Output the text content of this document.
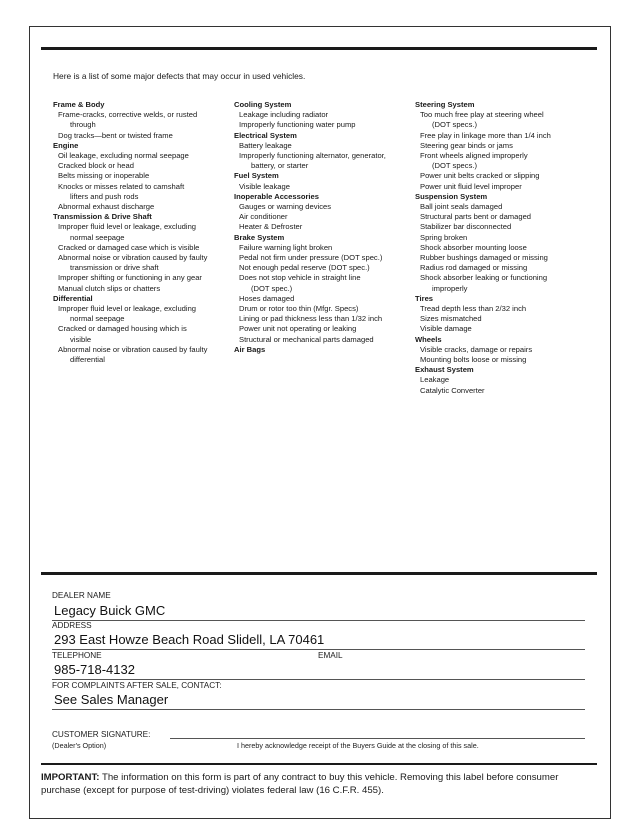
Here is a list of some major defects that may occur in used vehicles.
Frame & Body
Frame-cracks, corrective welds, or rusted
through
Dog tracks—bent or twisted frame
Engine
Oil leakage, excluding normal seepage
Cracked block or head
Belts missing or inoperable
Knocks or misses related to camshaft
lifters and push rods
Abnormal exhaust discharge
Transmission & Drive Shaft
Improper fluid level or leakage, excluding
normal seepage
Cracked or damaged case which is visible
Abnormal noise or vibration caused by faulty
transmission or drive shaft
Improper shifting or functioning in any gear
Manual clutch slips or chatters
Differential
Improper fluid level or leakage, excluding
normal seepage
Cracked or damaged housing which is
visible
Abnormal noise or vibration caused by faulty
differential
Cooling System
Leakage including radiator
Improperly functioning water pump
Electrical System
Battery leakage
Improperly functioning alternator, generator,
battery, or starter
Fuel System
Visible leakage
Inoperable Accessories
Gauges or warning devices
Air conditioner
Heater & Defroster
Brake System
Failure warning light broken
Pedal not firm under pressure (DOT spec.)
Not enough pedal reserve (DOT spec.)
Does not stop vehicle in straight line
(DOT spec.)
Hoses damaged
Drum or rotor too thin (Mfgr. Specs)
Lining or pad thickness less than 1/32 inch
Power unit not operating or leaking
Structural or mechanical parts damaged
Air Bags
Steering System
Too much free play at steering wheel
(DOT specs.)
Free play in linkage more than 1/4 inch
Steering gear binds or jams
Front wheels aligned improperly
(DOT specs.)
Power unit belts cracked or slipping
Power unit fluid level improper
Suspension System
Ball joint seals damaged
Structural parts bent or damaged
Stabilizer bar disconnected
Spring broken
Shock absorber mounting loose
Rubber bushings damaged or missing
Radius rod damaged or missing
Shock absorber leaking or functioning
improperly
Tires
Tread depth less than 2/32 inch
Sizes mismatched
Visible damage
Wheels
Visible cracks, damage or repairs
Mounting bolts loose or missing
Exhaust System
Leakage
Catalytic Converter
DEALER NAME
Legacy Buick GMC
ADDRESS
293 East Howze Beach Road Slidell, LA 70461
TELEPHONE	EMAIL
985-718-4132
FOR COMPLAINTS AFTER SALE, CONTACT:
See Sales Manager
CUSTOMER SIGNATURE:
(Dealer's Option)	I hereby acknowledge receipt of the Buyers Guide at the closing of this sale.
IMPORTANT: The information on this form is part of any contract to buy this vehicle. Removing this label before consumer purchase (except for purpose of test-driving) violates federal law (16 C.F.R. 455).
